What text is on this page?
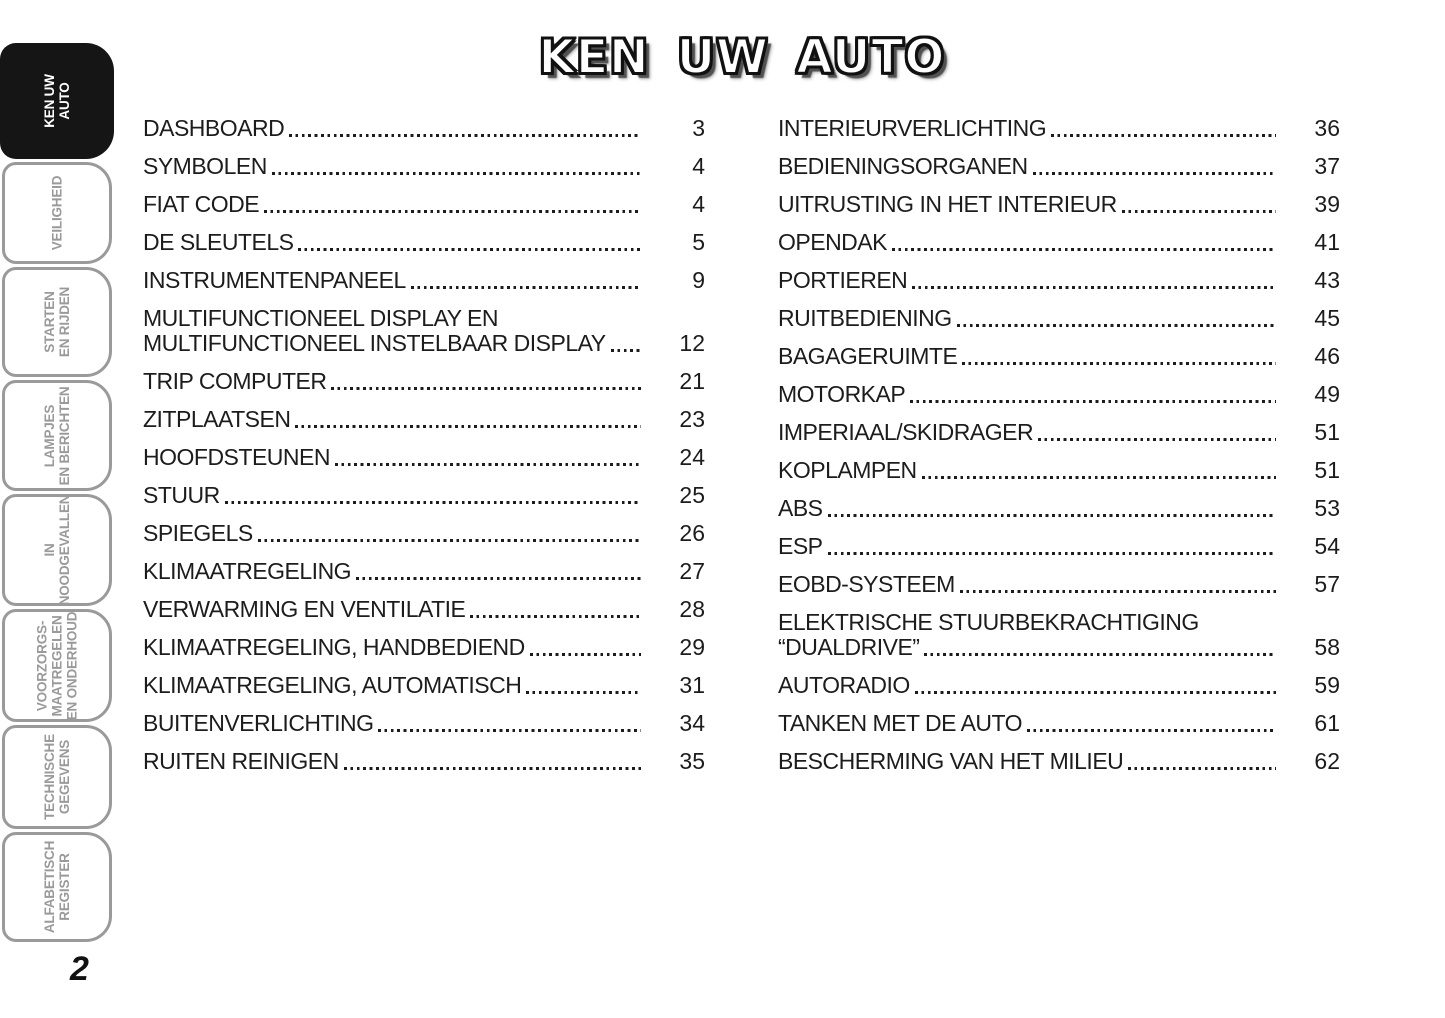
KEN UW AUTO
VEILIGHEID
STARTEN EN RIJDEN
LAMPJES EN BERICHTEN
IN NOODGEVALLEN
VOORZORGS- MAATREGELEN EN ONDERHOUD
TECHNISCHE GEGEVENS
ALFABETISCH REGISTER
KEN UW AUTO
DASHBOARD	3
SYMBOLEN	4
FIAT CODE	4
DE SLEUTELS	5
INSTRUMENTENPANEEL	9
MULTIFUNCTIONEEL DISPLAY EN
MULTIFUNCTIONEEL INSTELBAAR DISPLAY	12
TRIP COMPUTER	21
ZITPLAATSEN	23
HOOFDSTEUNEN	24
STUUR	25
SPIEGELS	26
KLIMAATREGELING	27
VERWARMING EN VENTILATIE	28
KLIMAATREGELING, HANDBEDIEND	29
KLIMAATREGELING, AUTOMATISCH	31
BUITENVERLICHTING	34
RUITEN REINIGEN	35
INTERIEURVERLICHTING	36
BEDIENINGSORGANEN	37
UITRUSTING IN HET INTERIEUR	39
OPENDAK	41
PORTIEREN	43
RUITBEDIENING	45
BAGAGERUIMTE	46
MOTORKAP	49
IMPERIAAL/SKIDRAGER	51
KOPLAMPEN	51
ABS	53
ESP	54
EOBD-SYSTEEM	57
ELEKTRISCHE STUURBEKRACHTIGING
“DUALDRIVE”	58
AUTORADIO	59
TANKEN MET DE AUTO	61
BESCHERMING VAN HET MILIEU	62
2
